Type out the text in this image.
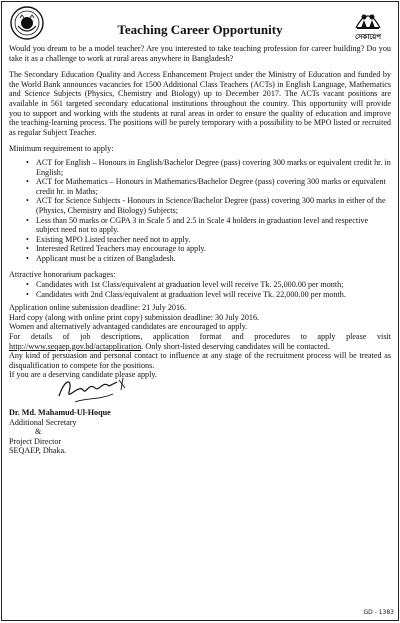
Teaching Career Opportunity	সেকায়েপ

Would you dream to be a model teacher? Are you interested to take teaching profession for career building? Do you take it as a challenge to work at rural areas anywhere in Bangladesh?

The Secondary Education Quality and Access Enhancement Project under the Ministry of Education and funded by the World Bank announces vacancies for 1500 Additional Class Teachers (ACTs) in English Language, Mathematics and Science Subjects (Physics, Chemistry and Biology) up to December 2017. The ACTs vacant positions are available in 561 targeted secondary educational institutions throughout the country. This opportunity will provide you to support and working with the students at rural areas in order to ensure the quality of education and improve the teaching-learning process. The positions will be purely temporary with a possibility to be MPO listed or recruited as regular Subject Teacher.

Minimum requirement to apply:
• ACT for English – Honours in English/Bachelor Degree (pass) covering 300 marks or equivalent credit hr. in English;
• ACT for Mathematics – Honours in Mathematics/Bachelor Degree (pass) covering 300 marks or equivalent credit hr. in Maths;
• ACT for Science Subjects - Honours in Science/Bachelor Degree (pass) covering 300 marks in either of the (Physics, Chemistry and Biology) Subjects;
• Less than 50 marks or CGPA 3 in Scale 5 and 2.5 in Scale 4 holders in graduation level and respective subject need not to apply.
• Existing MPO Listed teacher need not to apply.
• Interested Retired Teachers may encourage to apply.
• Applicant must be a citizen of Bangladesh.
Attractive honorarium packages:
• Candidates with 1st Class/equivalent at graduation level will receive Tk. 25,000.00 per month;
• Candidates with 2nd Class/equivalent at graduation level will receive Tk. 22,000.00 per month.
Application online submission deadline: 21 July 2016.
Hard copy (along with online print copy) submission deadline: 30 July 2016.
Women and alternatively advantaged candidates are encouraged to apply.

For details of job descriptions, application format and procedures to apply please visit http://www.seqaep.gov.bd/actapplication. Only short-listed deserving candidates will be contacted.

Any kind of persuasion and personal contact to influence at any stage of the recruitment process will be treated as disqualification to compete for the positions.

If you are a deserving candidate please apply.
Dr. Md. Mahamud-Ul-Hoque
Additional Secretary
&
Project Director
SEQAEP, Dhaka.
GD - 1383
